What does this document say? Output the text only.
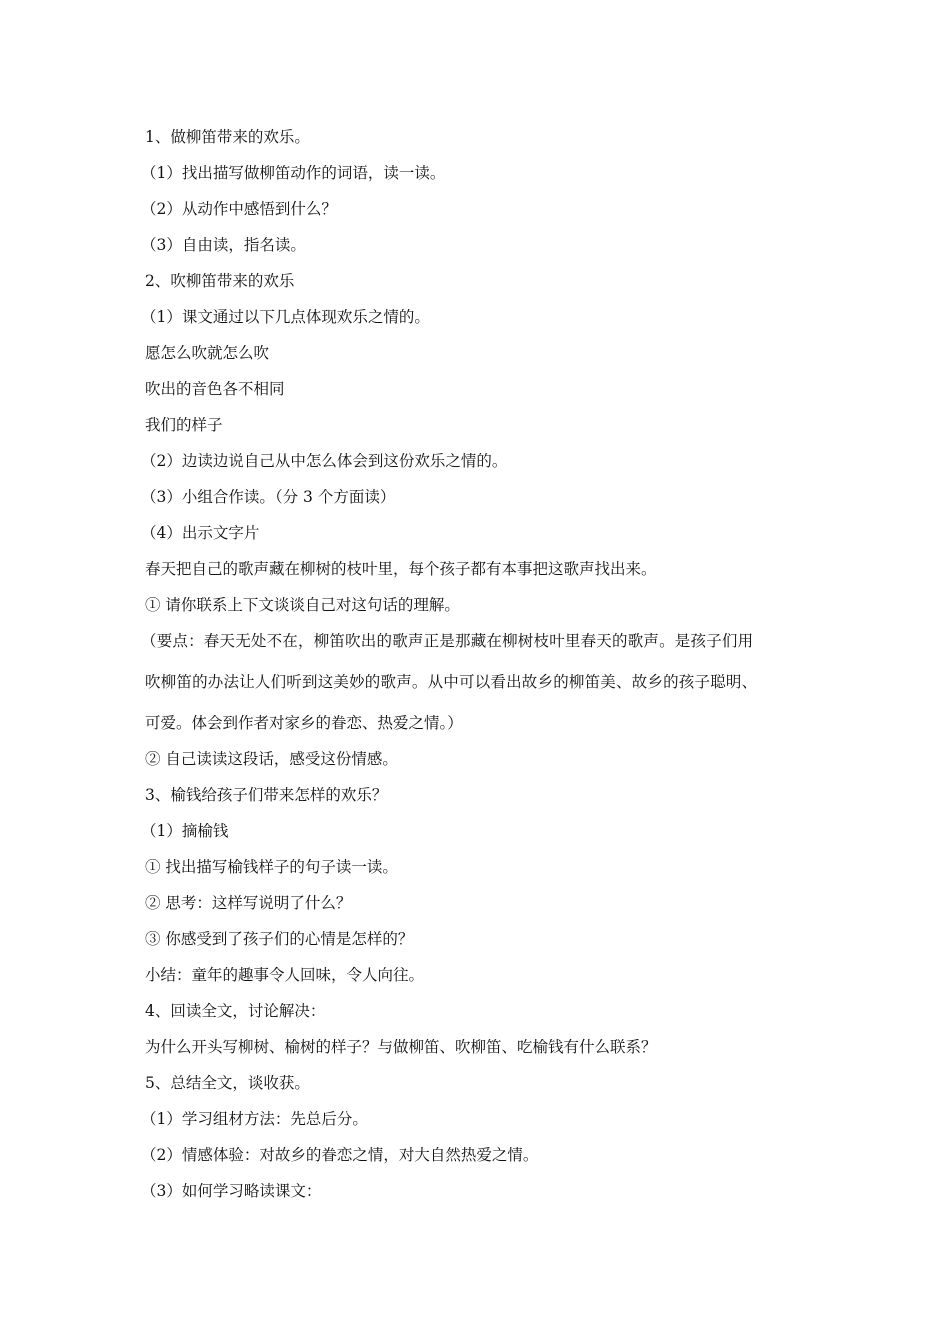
1、做柳笛带来的欢乐。
（1）找出描写做柳笛动作的词语，读一读。
（2）从动作中感悟到什么？
（3）自由读，指名读。
2、吹柳笛带来的欢乐
（1）课文通过以下几点体现欢乐之情的。
愿怎么吹就怎么吹
吹出的音色各不相同
我们的样子
（2）边读边说自己从中怎么体会到这份欢乐之情的。
（3）小组合作读。（分 3 个方面读）
（4）出示文字片
春天把自己的歌声藏在柳树的枝叶里，每个孩子都有本事把这歌声找出来。
① 请你联系上下文谈谈自己对这句话的理解。
（要点：春天无处不在，柳笛吹出的歌声正是那藏在柳树枝叶里春天的歌声。是孩子们用
吹柳笛的办法让人们听到这美妙的歌声。从中可以看出故乡的柳笛美、故乡的孩子聪明、
可爱。体会到作者对家乡的眷恋、热爱之情。）
② 自己读读这段话，感受这份情感。
3、榆钱给孩子们带来怎样的欢乐？
（1）摘榆钱
① 找出描写榆钱样子的句子读一读。
② 思考：这样写说明了什么？
③ 你感受到了孩子们的心情是怎样的？
小结：童年的趣事令人回味，令人向往。
4、回读全文，讨论解决：
为什么开头写柳树、榆树的样子？与做柳笛、吹柳笛、吃榆钱有什么联系？
5、总结全文，谈收获。
（1）学习组材方法：先总后分。
（2）情感体验：对故乡的眷恋之情，对大自然热爱之情。
（3）如何学习略读课文：
